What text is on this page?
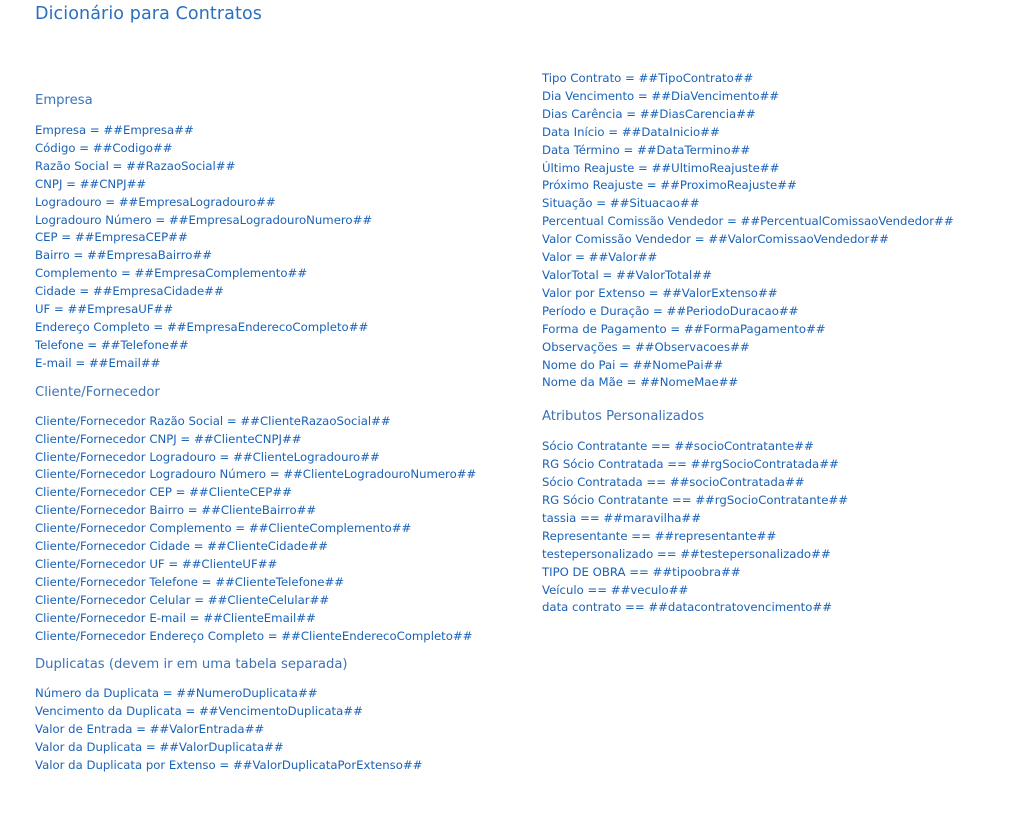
Dicionário para Contratos
Empresa
Empresa = ##Empresa##
Código = ##Codigo##
Razão Social = ##RazaoSocial##
CNPJ = ##CNPJ##
Logradouro = ##EmpresaLogradouro##
Logradouro Número = ##EmpresaLogradouroNumero##
CEP = ##EmpresaCEP##
Bairro = ##EmpresaBairro##
Complemento = ##EmpresaComplemento##
Cidade = ##EmpresaCidade##
UF = ##EmpresaUF##
Endereço Completo = ##EmpresaEnderecoCompleto##
Telefone = ##Telefone##
E-mail = ##Email##
Cliente/Fornecedor
Cliente/Fornecedor Razão Social = ##ClienteRazaoSocial##
Cliente/Fornecedor CNPJ = ##ClienteCNPJ##
Cliente/Fornecedor Logradouro = ##ClienteLogradouro##
Cliente/Fornecedor Logradouro Número = ##ClienteLogradouroNumero##
Cliente/Fornecedor CEP = ##ClienteCEP##
Cliente/Fornecedor Bairro = ##ClienteBairro##
Cliente/Fornecedor Complemento = ##ClienteComplemento##
Cliente/Fornecedor Cidade = ##ClienteCidade##
Cliente/Fornecedor UF = ##ClienteUF##
Cliente/Fornecedor Telefone = ##ClienteTelefone##
Cliente/Fornecedor Celular = ##ClienteCelular##
Cliente/Fornecedor E-mail = ##ClienteEmail##
Cliente/Fornecedor Endereço Completo = ##ClienteEnderecoCompleto##
Duplicatas (devem ir em uma tabela separada)
Número da Duplicata = ##NumeroDuplicata##
Vencimento da Duplicata = ##VencimentoDuplicata##
Valor de Entrada = ##ValorEntrada##
Valor da Duplicata = ##ValorDuplicata##
Valor da Duplicata por Extenso = ##ValorDuplicataPorExtenso##
Tipo Contrato = ##TipoContrato##
Dia Vencimento = ##DiaVencimento##
Dias Carência = ##DiasCarencia##
Data Início = ##DataInicio##
Data Término = ##DataTermino##
Último Reajuste = ##UltimoReajuste##
Próximo Reajuste = ##ProximoReajuste##
Situação = ##Situacao##
Percentual Comissão Vendedor = ##PercentualComissaoVendedor##
Valor Comissão Vendedor = ##ValorComissaoVendedor##
Valor = ##Valor##
ValorTotal = ##ValorTotal##
Valor por Extenso = ##ValorExtenso##
Período e Duração = ##PeriodoDuracao##
Forma de Pagamento = ##FormaPagamento##
Observações = ##Observacoes##
Nome do Pai = ##NomePai##
Nome da Mãe = ##NomeMae##
Atributos Personalizados
Sócio Contratante == ##socioContratante##
RG Sócio Contratada == ##rgSocioContratada##
Sócio Contratada == ##socioContratada##
RG Sócio Contratante == ##rgSocioContratante##
tassia == ##maravilha##
Representante == ##representante##
testepersonalizado == ##testepersonalizado##
TIPO DE OBRA == ##tipoobra##
Veículo == ##veculo##
data contrato == ##datacontratovencimento##
